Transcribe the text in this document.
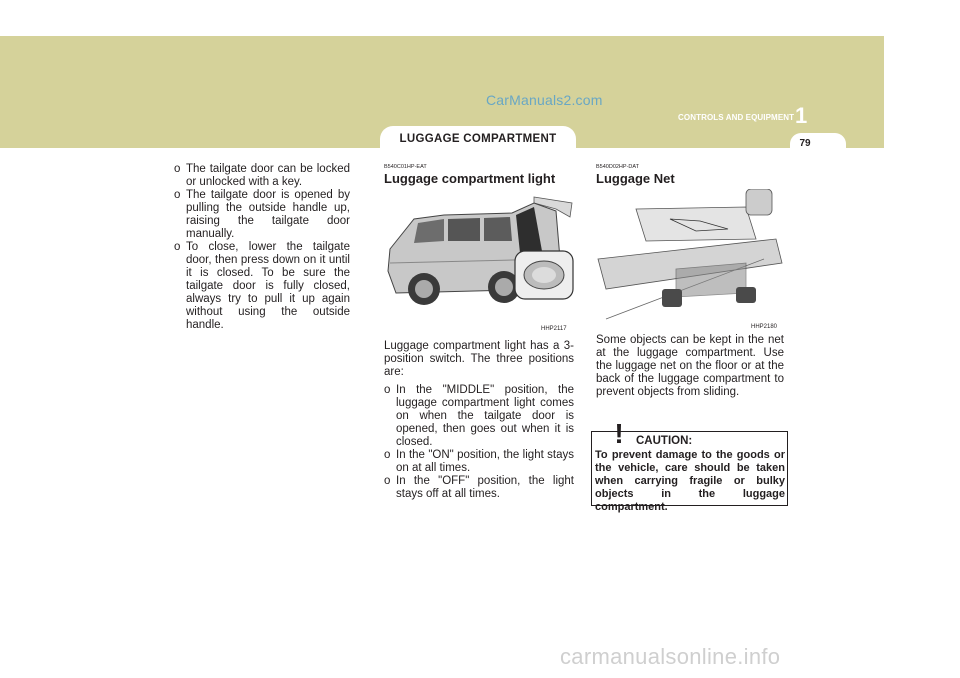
CarManuals2.com
CONTROLS AND EQUIPMENT 1
79
LUGGAGE COMPARTMENT

o The tailgate door can be locked or unlocked with a key.

o The tailgate door is opened by pulling the outside handle up, raising the tailgate door manually.

o To close, lower the tailgate door, then press down on it until it is closed. To be sure the tailgate door is fully closed, always try to pull it up again without using the outside handle.

B540C01HP-EAT
Luggage compartment light
HHP2117
Luggage compartment light has a 3-position switch. The three positions are:

o In the "MIDDLE" position, the luggage compartment light comes on when the tailgate door is opened, then goes out when it is closed.

o In the "ON" position, the light stays on at all times.

o In the "OFF" position, the light stays off at all times.

B540D02HP-DAT
Luggage Net
HHP2180
Some objects can be kept in the net at the luggage compartment. Use the luggage net on the floor or at the back of the luggage compartment to prevent objects from sliding.
! CAUTION:
To prevent damage to the goods or the vehicle, care should be taken when carrying fragile or bulky objects in the luggage compartment.
carmanualsonline.info
